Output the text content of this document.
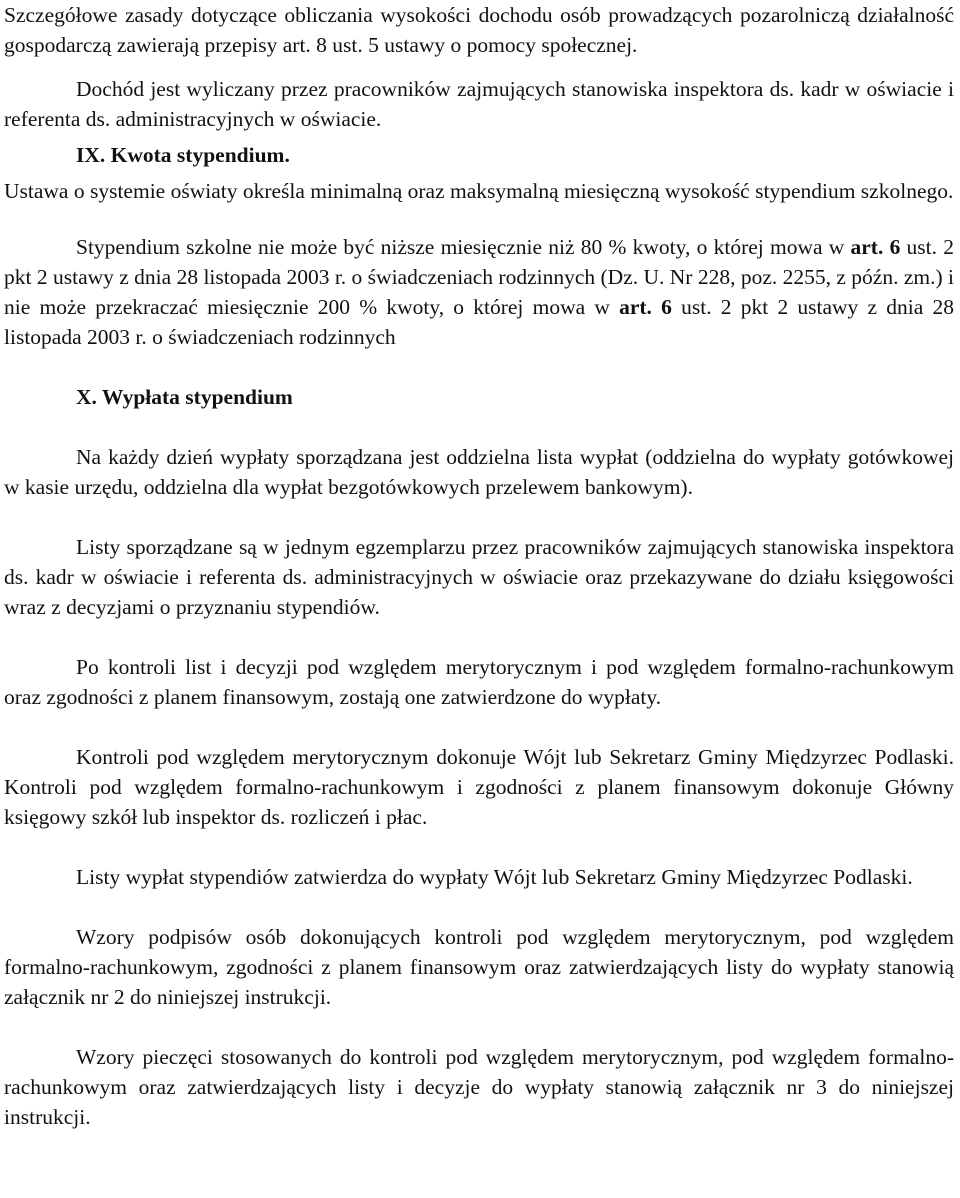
Szczegółowe zasady dotyczące obliczania wysokości dochodu osób prowadzących pozarolniczą działalność gospodarczą zawierają przepisy art. 8 ust. 5 ustawy o pomocy społecznej.

Dochód jest wyliczany przez pracowników zajmujących stanowiska inspektora ds. kadr w oświacie i referenta ds. administracyjnych w oświacie.

IX. Kwota stypendium.

Ustawa o systemie oświaty określa minimalną oraz maksymalną miesięczną wysokość stypendium szkolnego.

Stypendium szkolne nie może być niższe miesięcznie niż 80 % kwoty, o której mowa w art. 6 ust. 2 pkt 2 ustawy z dnia 28 listopada 2003 r. o świadczeniach rodzinnych (Dz. U. Nr 228, poz. 2255, z późn. zm.) i nie może przekraczać miesięcznie 200 % kwoty, o której mowa w art. 6 ust. 2 pkt 2 ustawy z dnia 28 listopada 2003 r. o świadczeniach rodzinnych

X. Wypłata stypendium

Na każdy dzień wypłaty sporządzana jest oddzielna lista wypłat (oddzielna do wypłaty gotówkowej w kasie urzędu, oddzielna dla wypłat bezgotówkowych przelewem bankowym).

Listy sporządzane są w jednym egzemplarzu przez pracowników zajmujących stanowiska inspektora ds. kadr w oświacie i referenta ds. administracyjnych w oświacie oraz przekazywane do działu księgowości wraz z decyzjami o przyznaniu stypendiów.

Po kontroli list i decyzji pod względem merytorycznym i pod względem formalno-rachunkowym oraz zgodności z planem finansowym, zostają one zatwierdzone do wypłaty.

Kontroli pod względem merytorycznym dokonuje Wójt lub Sekretarz Gminy Międzyrzec Podlaski. Kontroli pod względem formalno-rachunkowym i zgodności z planem finansowym dokonuje Główny księgowy szkół lub inspektor ds. rozliczeń i płac.

Listy wypłat stypendiów zatwierdza do wypłaty Wójt lub Sekretarz Gminy Międzyrzec Podlaski.

Wzory podpisów osób dokonujących kontroli pod względem merytorycznym, pod względem formalno-rachunkowym, zgodności z planem finansowym oraz zatwierdzających listy do wypłaty stanowią załącznik nr 2 do niniejszej instrukcji.

Wzory pieczęci stosowanych do kontroli pod względem merytorycznym, pod względem formalno-rachunkowym oraz zatwierdzających listy i decyzje do wypłaty stanowią załącznik nr 3 do niniejszej instrukcji.
